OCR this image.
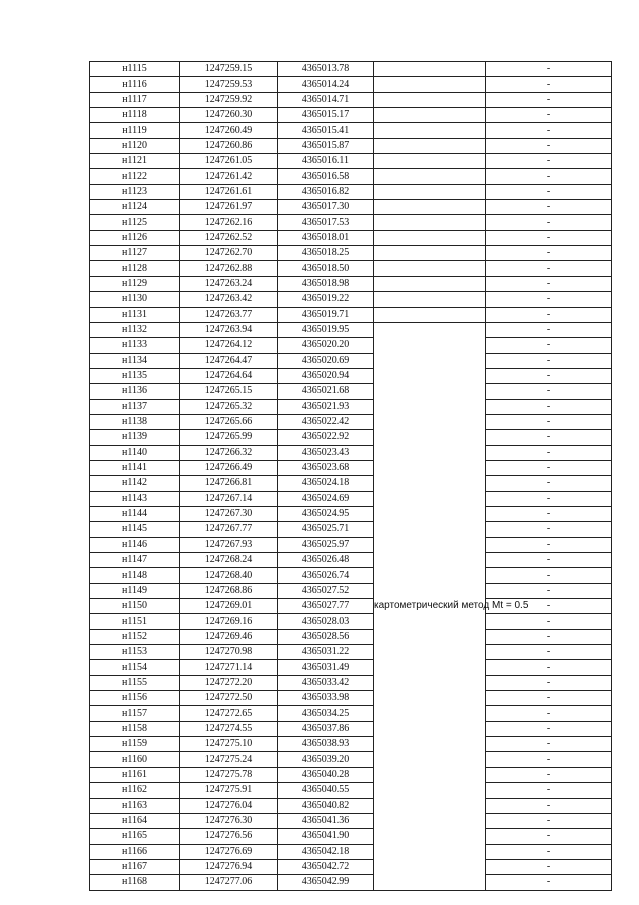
н1115	1247259.15	4365013.78		-
н1116	1247259.53	4365014.24		-
н1117	1247259.92	4365014.71		-
н1118	1247260.30	4365015.17		-
н1119	1247260.49	4365015.41		-
н1120	1247260.86	4365015.87		-
н1121	1247261.05	4365016.11		-
н1122	1247261.42	4365016.58		-
н1123	1247261.61	4365016.82		-
н1124	1247261.97	4365017.30		-
н1125	1247262.16	4365017.53		-
н1126	1247262.52	4365018.01		-
н1127	1247262.70	4365018.25		-
н1128	1247262.88	4365018.50		-
н1129	1247263.24	4365018.98		-
н1130	1247263.42	4365019.22		-
н1131	1247263.77	4365019.71		-
н1132	1247263.94	4365019.95	картометрический метод Mt = 0.5	-
н1133	1247264.12	4365020.20		-
н1134	1247264.47	4365020.69		-
н1135	1247264.64	4365020.94		-
н1136	1247265.15	4365021.68		-
н1137	1247265.32	4365021.93		-
н1138	1247265.66	4365022.42		-
н1139	1247265.99	4365022.92		-
н1140	1247266.32	4365023.43		-
н1141	1247266.49	4365023.68		-
н1142	1247266.81	4365024.18		-
н1143	1247267.14	4365024.69		-
н1144	1247267.30	4365024.95		-
н1145	1247267.77	4365025.71		-
н1146	1247267.93	4365025.97		-
н1147	1247268.24	4365026.48		-
н1148	1247268.40	4365026.74		-
н1149	1247268.86	4365027.52		-
н1150	1247269.01	4365027.77		-
н1151	1247269.16	4365028.03		-
н1152	1247269.46	4365028.56		-
н1153	1247270.98	4365031.22		-
н1154	1247271.14	4365031.49		-
н1155	1247272.20	4365033.42		-
н1156	1247272.50	4365033.98		-
н1157	1247272.65	4365034.25		-
н1158	1247274.55	4365037.86		-
н1159	1247275.10	4365038.93		-
н1160	1247275.24	4365039.20		-
н1161	1247275.78	4365040.28		-
н1162	1247275.91	4365040.55		-
н1163	1247276.04	4365040.82		-
н1164	1247276.30	4365041.36		-
н1165	1247276.56	4365041.90		-
н1166	1247276.69	4365042.18		-
н1167	1247276.94	4365042.72		-
н1168	1247277.06	4365042.99		-
